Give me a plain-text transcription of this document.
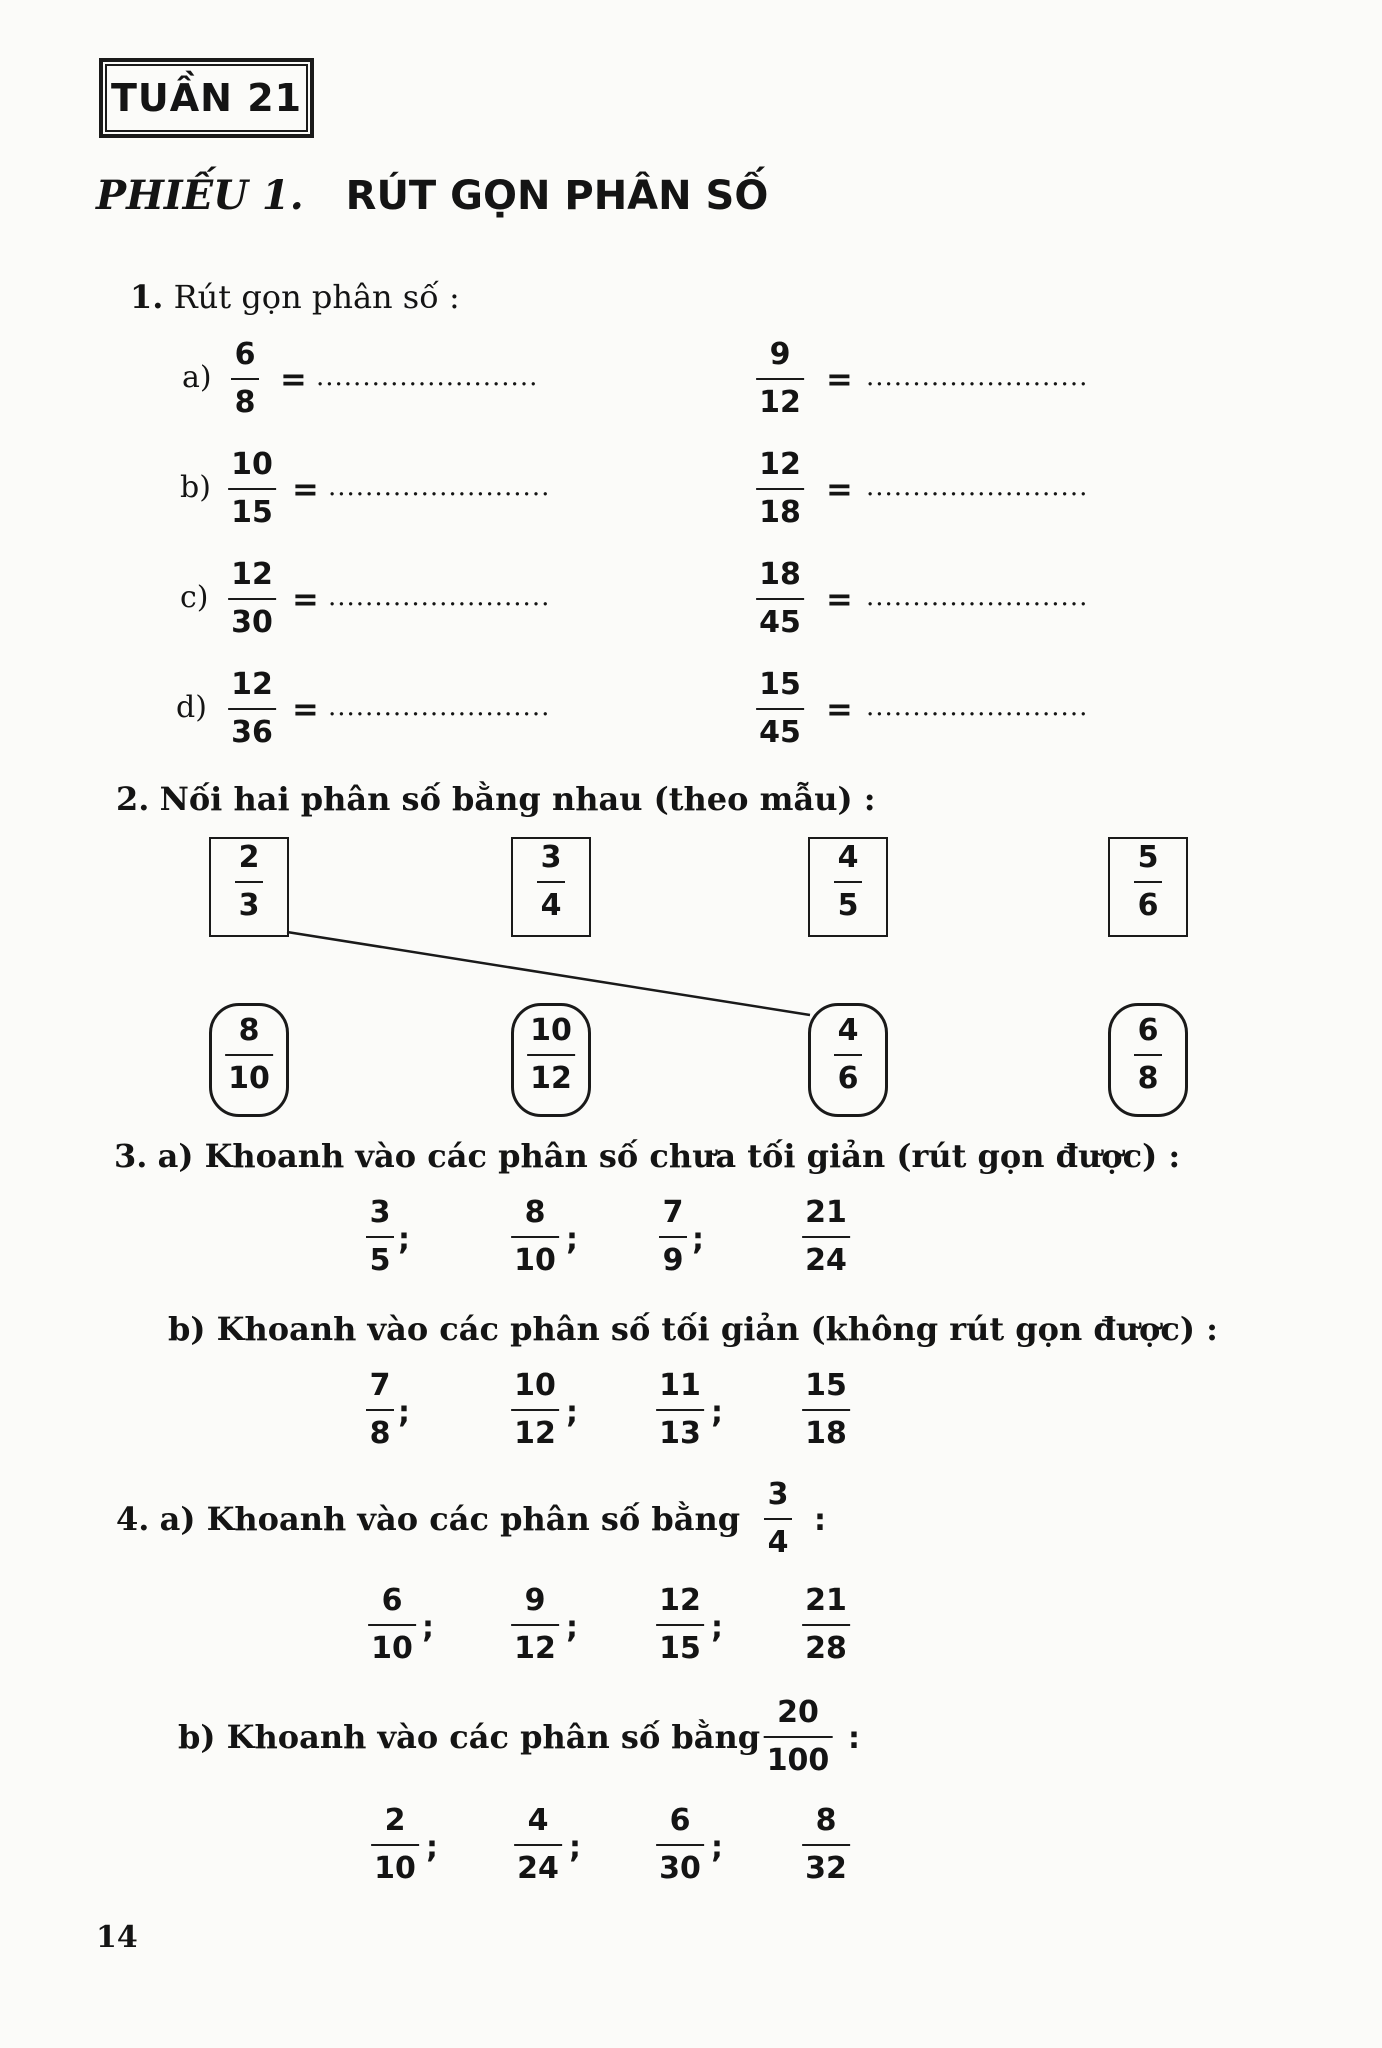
TUẦN 21
PHIẾU 1. RÚT GỌN PHÂN SỐ
1. Rút gọn phân số :
a)
6
8
= ........................
9
12
= ........................
b)
10
15
= ........................
12
18
= ........................
c)
12
30
= ........................
18
45
= ........................
d)
12
36
= ........................
15
45
= ........................
2. Nối hai phân số bằng nhau (theo mẫu) :
2
3
3
4
4
5
5
6
8
10
10
12
4
6
6
8
3. a) Khoanh vào các phân số chưa tối giản (rút gọn được) :
3
5
;
8
10
;
7
9
;
21
24
b) Khoanh vào các phân số tối giản (không rút gọn được) :
7
8
;
10
12
;
11
13
;
15
18
4. a) Khoanh vào các phân số bằng
3
4
:
6
10
;
9
12
;
12
15
;
21
28
b) Khoanh vào các phân số bằng
20
100
:
2
10
;
4
24
;
6
30
;
8
32
14
